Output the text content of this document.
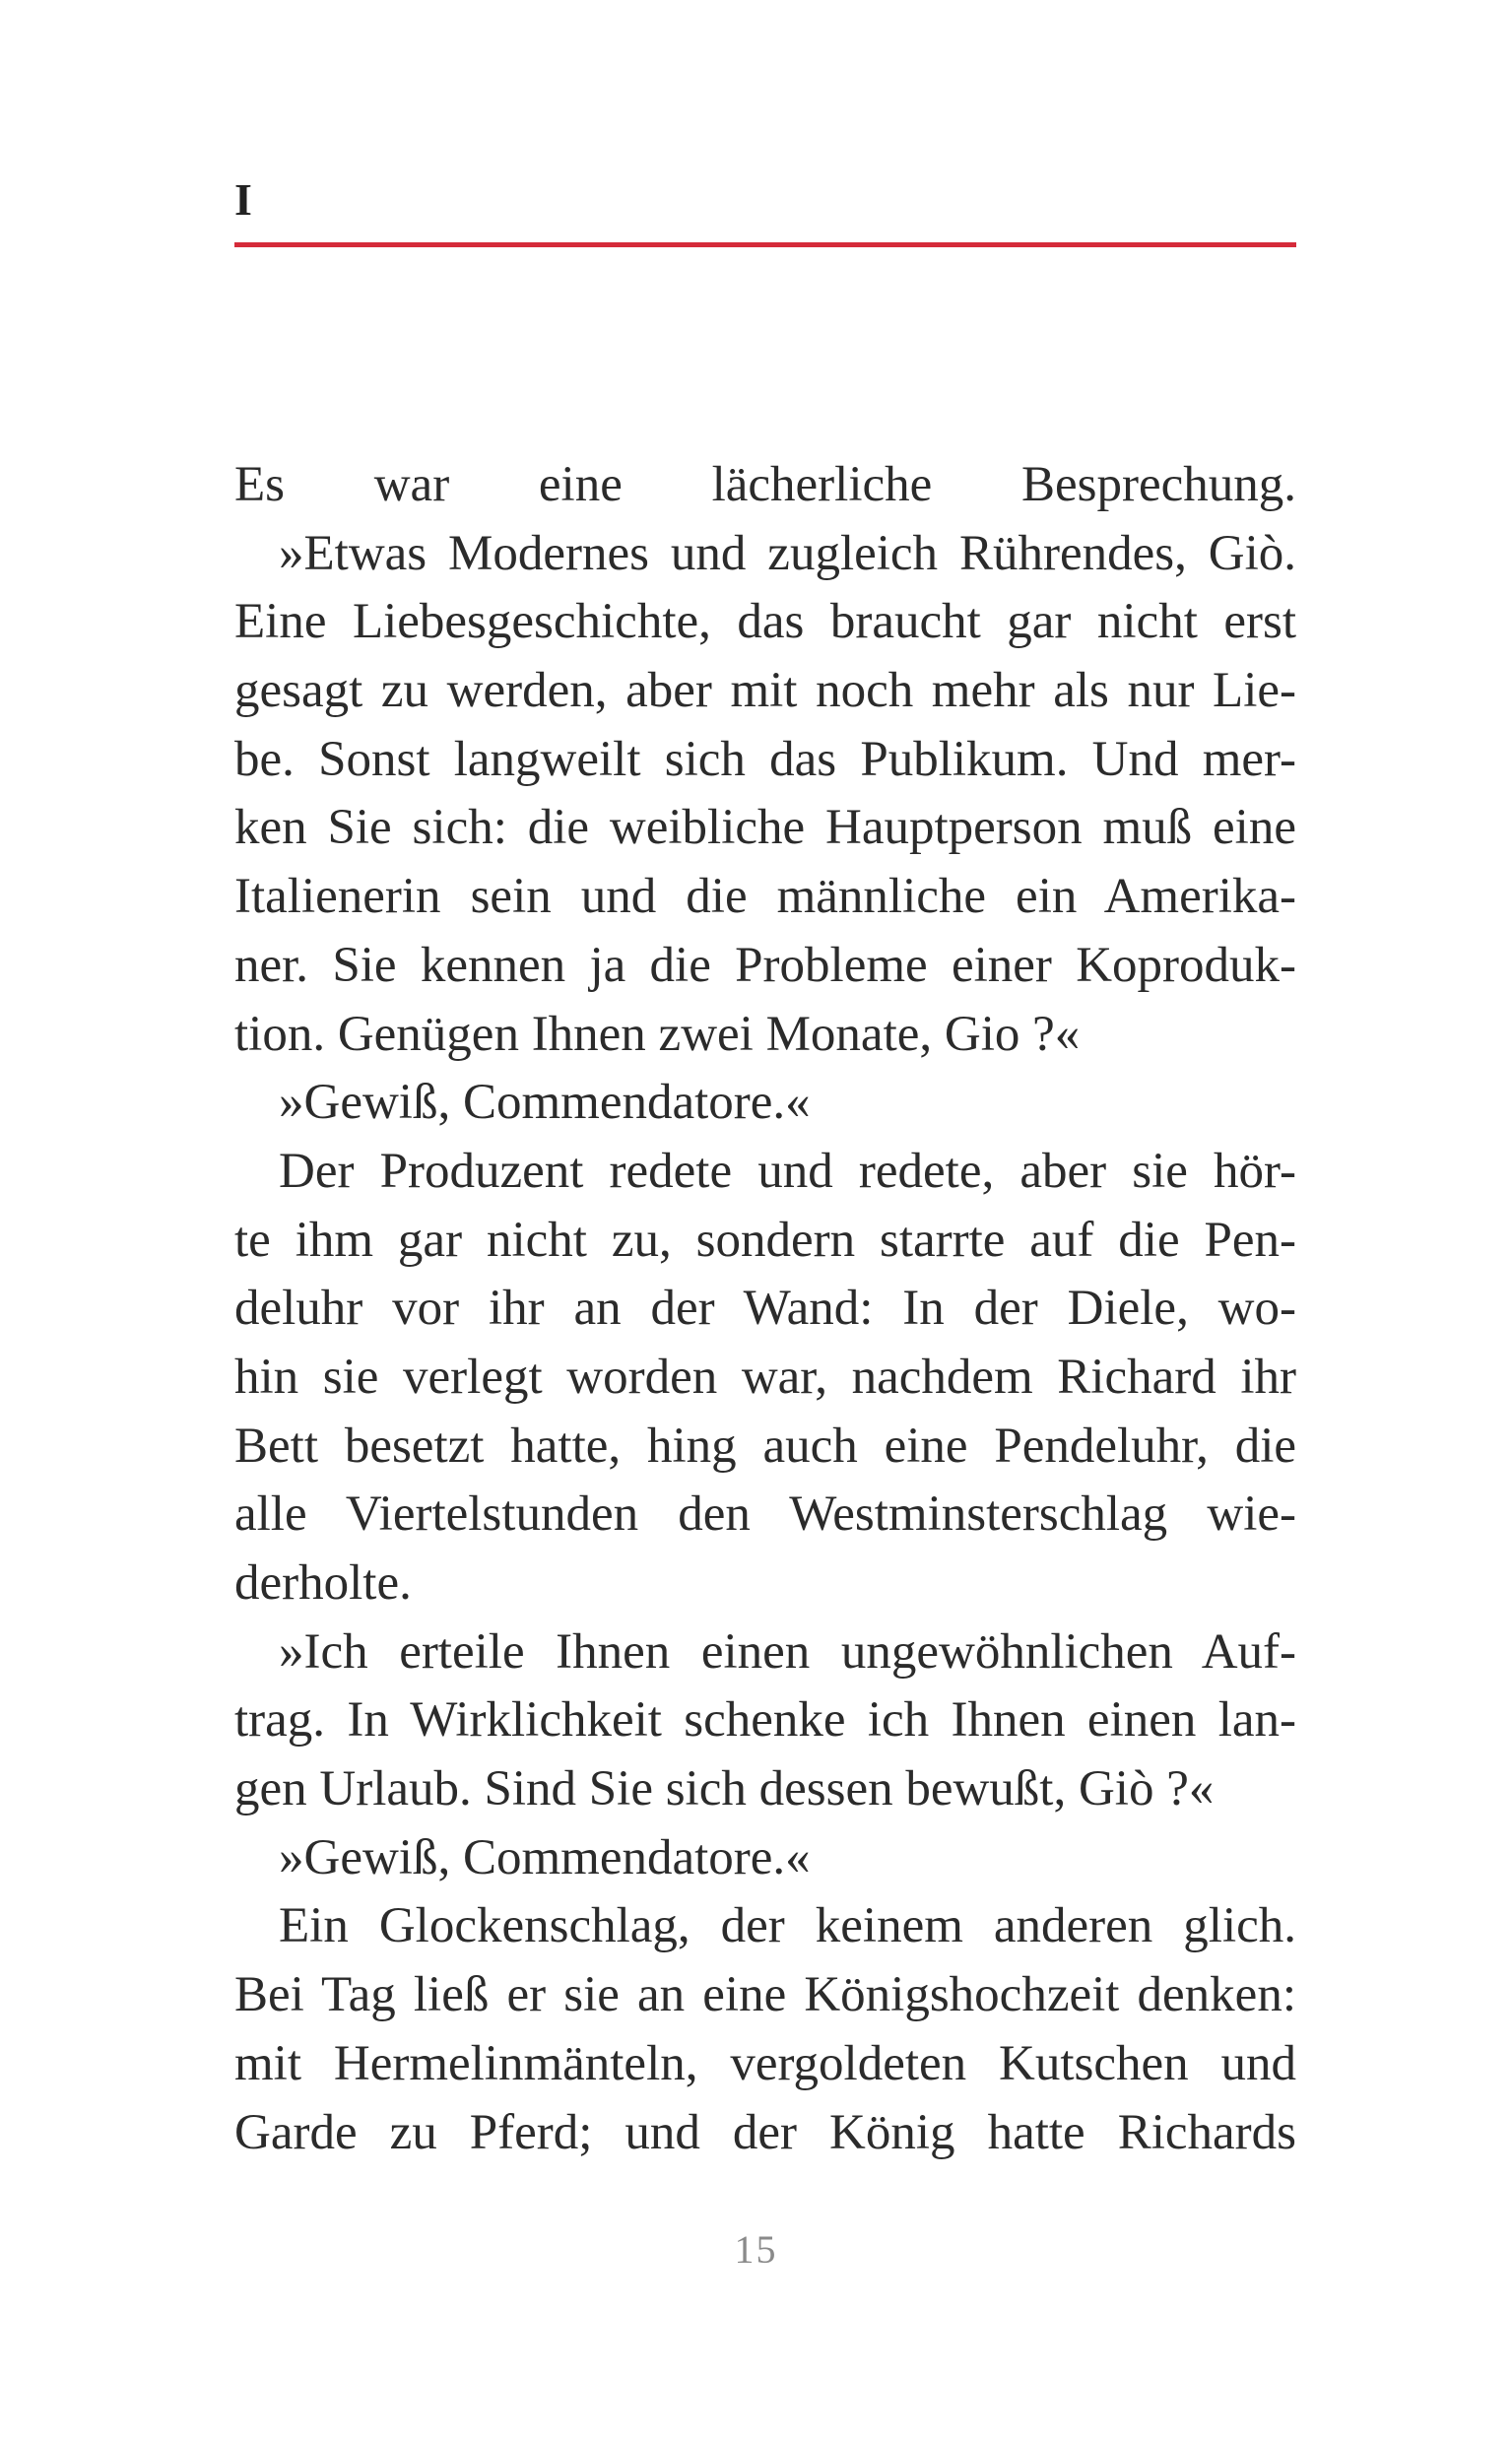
I
Es war eine lächerliche Besprechung.
»Etwas Modernes und zugleich Rührendes, Giò.
Eine Liebesgeschichte, das braucht gar nicht erst
gesagt zu werden, aber mit noch mehr als nur Lie-
be. Sonst langweilt sich das Publikum. Und mer-
ken Sie sich: die weibliche Hauptperson muß eine
Italienerin sein und die männliche ein Amerika-
ner. Sie kennen ja die Probleme einer Koproduk-
tion. Genügen Ihnen zwei Monate, Gio ?«
»Gewiß, Commendatore.«
Der Produzent redete und redete, aber sie hör-
te ihm gar nicht zu, sondern starrte auf die Pen-
deluhr vor ihr an der Wand: In der Diele, wo-
hin sie verlegt worden war, nachdem Richard ihr
Bett besetzt hatte, hing auch eine Pendeluhr, die
alle Viertelstunden den Westminsterschlag wie-
derholte.
»Ich erteile Ihnen einen ungewöhnlichen Auf-
trag. In Wirklichkeit schenke ich Ihnen einen lan-
gen Urlaub. Sind Sie sich dessen bewußt, Giò ?«
»Gewiß, Commendatore.«
Ein Glockenschlag, der keinem anderen glich.
Bei Tag ließ er sie an eine Königshochzeit denken:
mit Hermelinmänteln, vergoldeten Kutschen und
Garde zu Pferd; und der König hatte Richards
15
